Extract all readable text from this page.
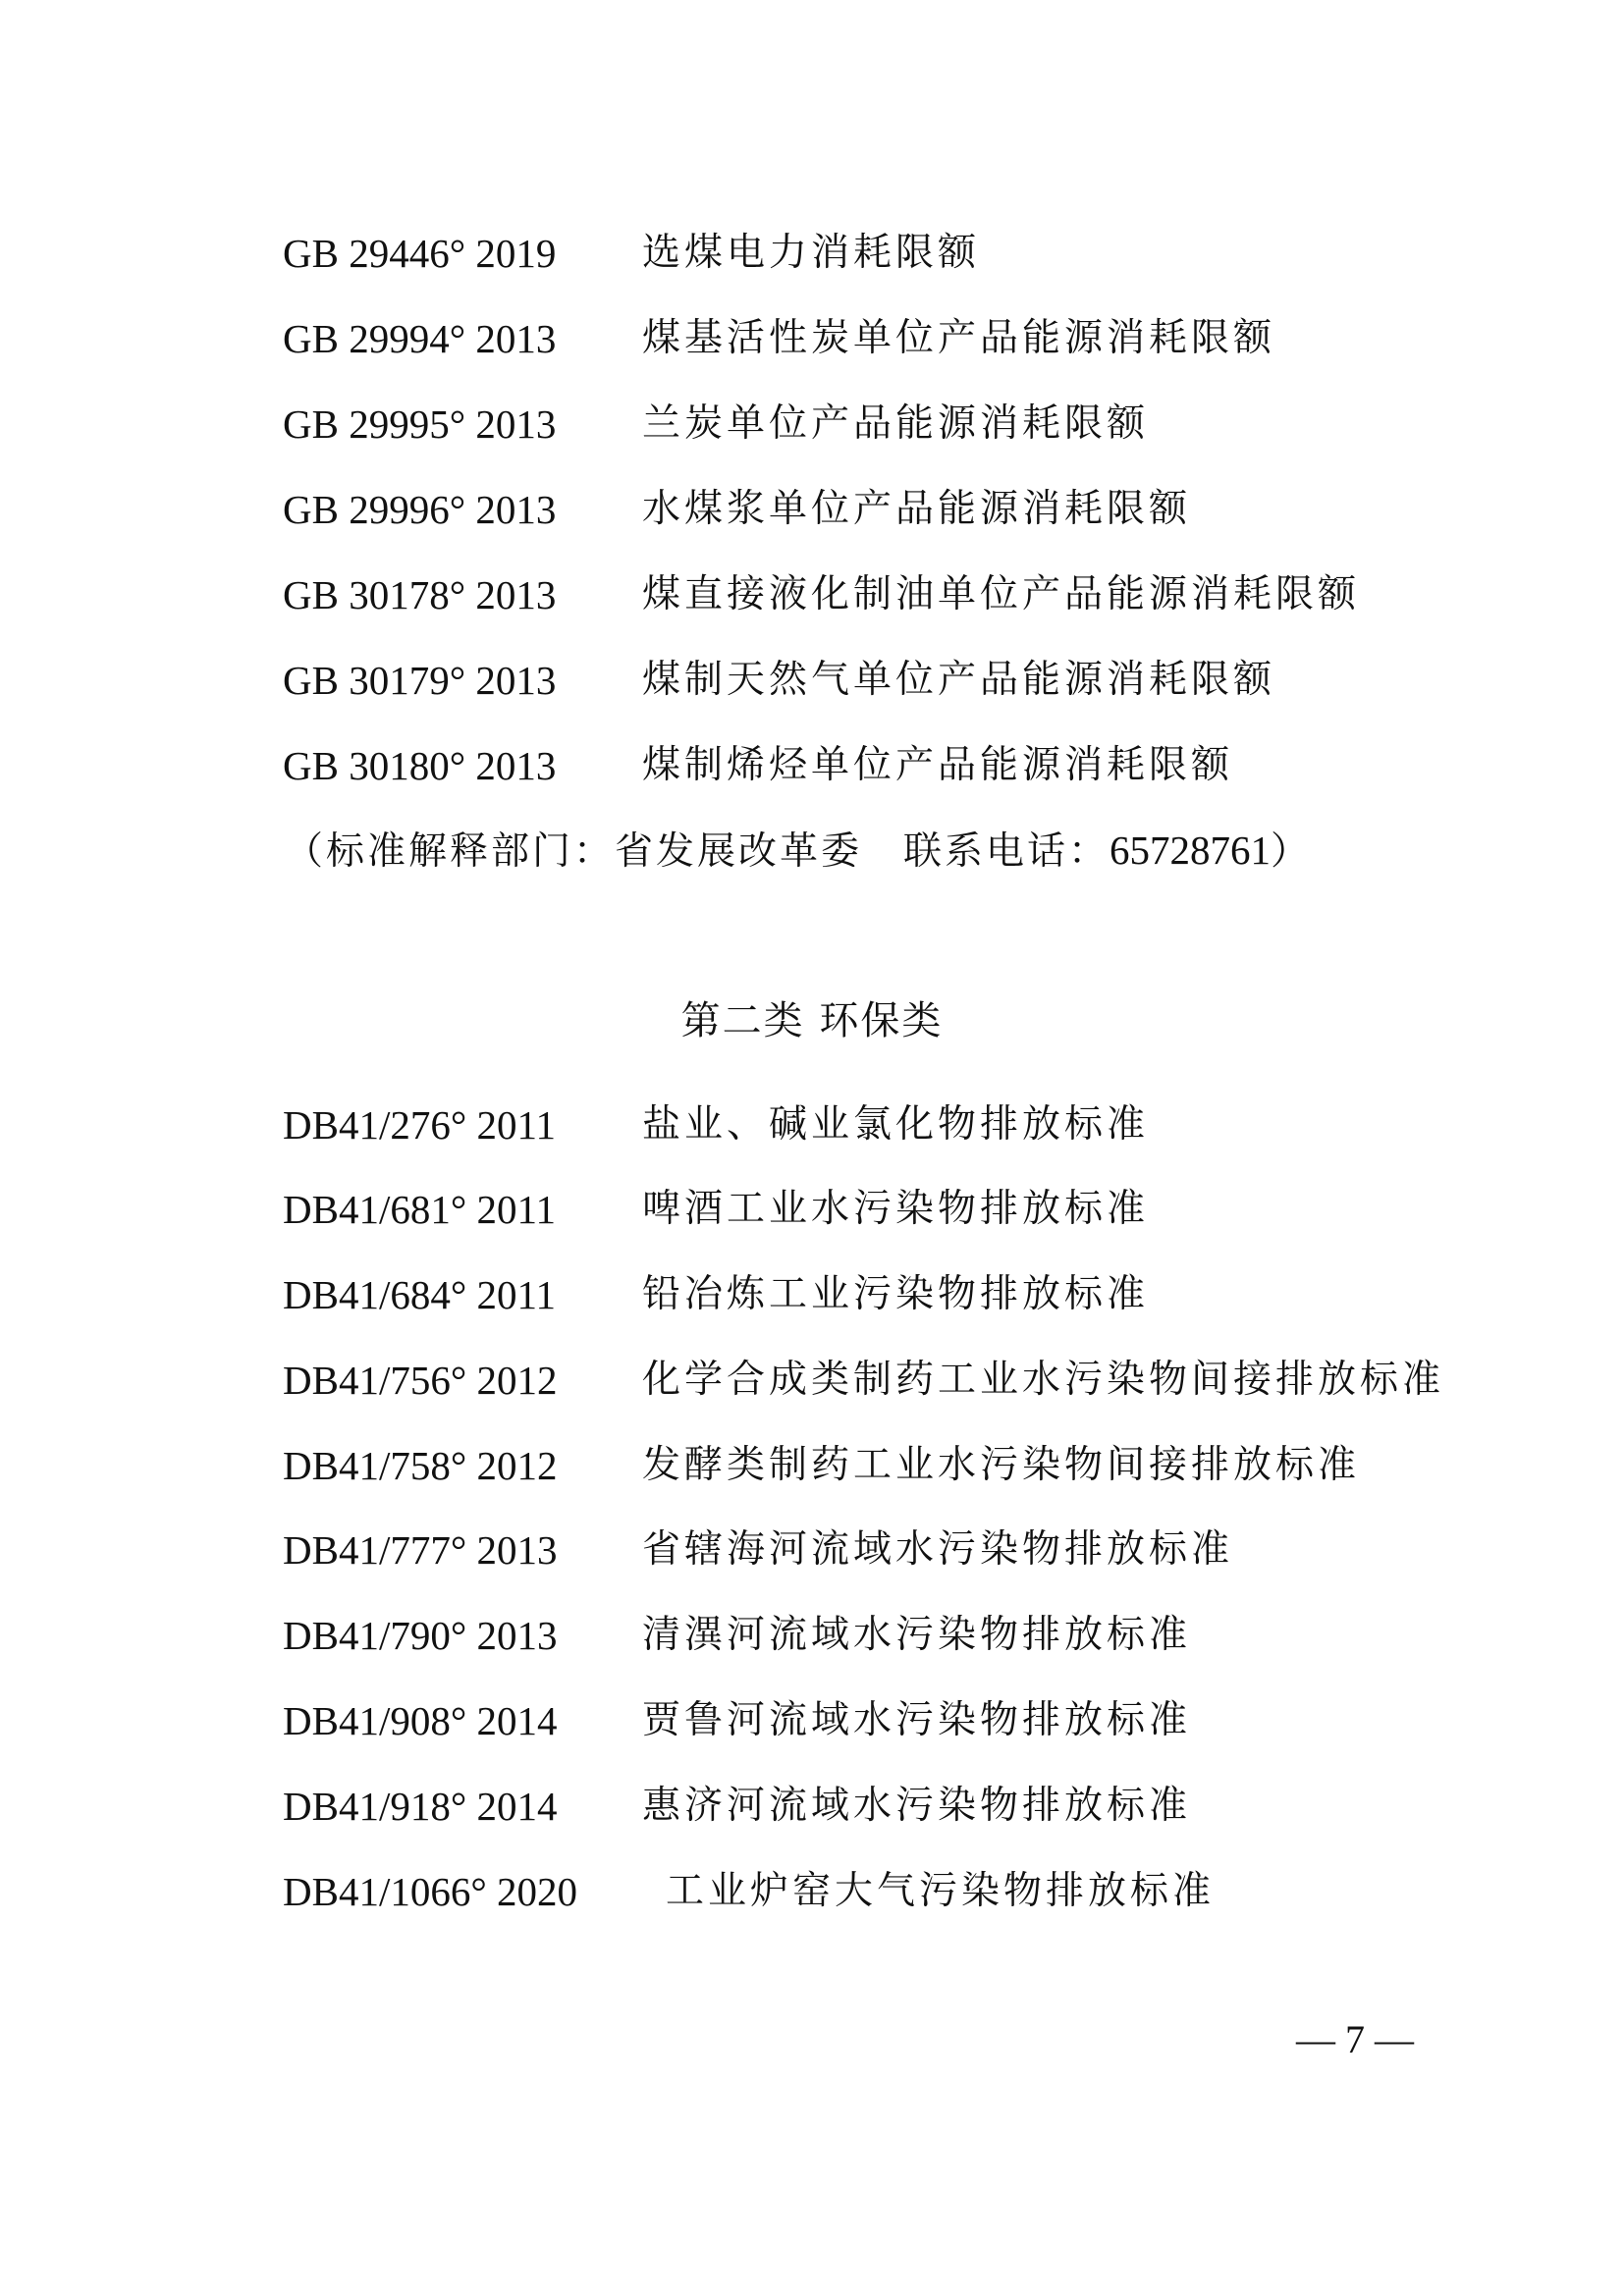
GB 29446° 2019 选煤电力消耗限额
GB 29994° 2013 煤基活性炭单位产品能源消耗限额
GB 29995° 2013 兰炭单位产品能源消耗限额
GB 29996° 2013 水煤浆单位产品能源消耗限额
GB 30178° 2013 煤直接液化制油单位产品能源消耗限额
GB 30179° 2013 煤制天然气单位产品能源消耗限额
GB 30180° 2013 煤制烯烃单位产品能源消耗限额
（标准解释部门：省发展改革委　联系电话：65728761）
第二类 环保类
DB41/276° 2011 盐业、碱业氯化物排放标准
DB41/681° 2011 啤酒工业水污染物排放标准
DB41/684° 2011 铅冶炼工业污染物排放标准
DB41/756° 2012 化学合成类制药工业水污染物间接排放标准
DB41/758° 2012 发酵类制药工业水污染物间接排放标准
DB41/777° 2013 省辖海河流域水污染物排放标准
DB41/790° 2013 清潩河流域水污染物排放标准
DB41/908° 2014 贾鲁河流域水污染物排放标准
DB41/918° 2014 惠济河流域水污染物排放标准
DB41/1066° 2020 工业炉窑大气污染物排放标准
— 7 —
